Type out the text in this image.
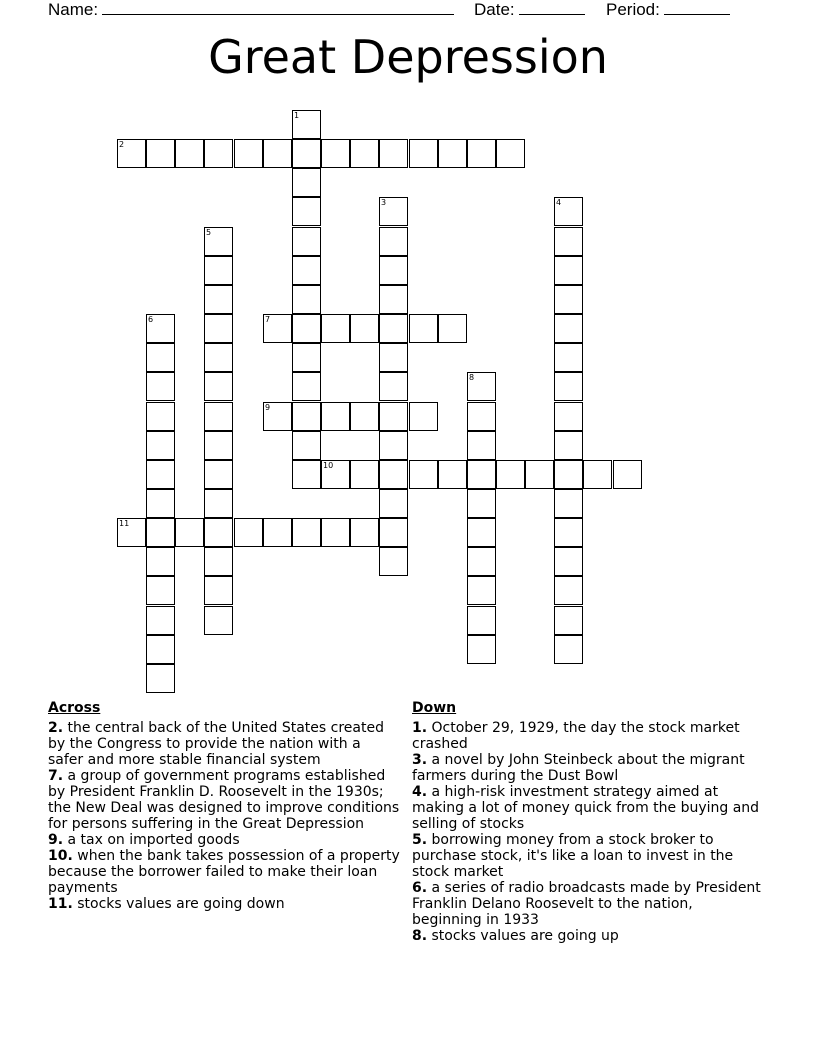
Name:	Date:	Period:
Great Depression
1
2
3	4
5
6	7
8
9
10
11
Across

2. the central back of the United States created by the Congress to provide the nation with a safer and more stable financial system

7. a group of government programs established by President Franklin D. Roosevelt in the 1930s; the New Deal was designed to improve conditions for persons suffering in the Great Depression

9. a tax on imported goods

10. when the bank takes possession of a property because the borrower failed to make their loan payments

11. stocks values are going down

Down

1. October 29, 1929, the day the stock market crashed

3. a novel by John Steinbeck about the migrant farmers during the Dust Bowl

4. a high-risk investment strategy aimed at making a lot of money quick from the buying and selling of stocks

5. borrowing money from a stock broker to purchase stock, it's like a loan to invest in the stock market

6. a series of radio broadcasts made by President Franklin Delano Roosevelt to the nation, beginning in 1933

8. stocks values are going up
